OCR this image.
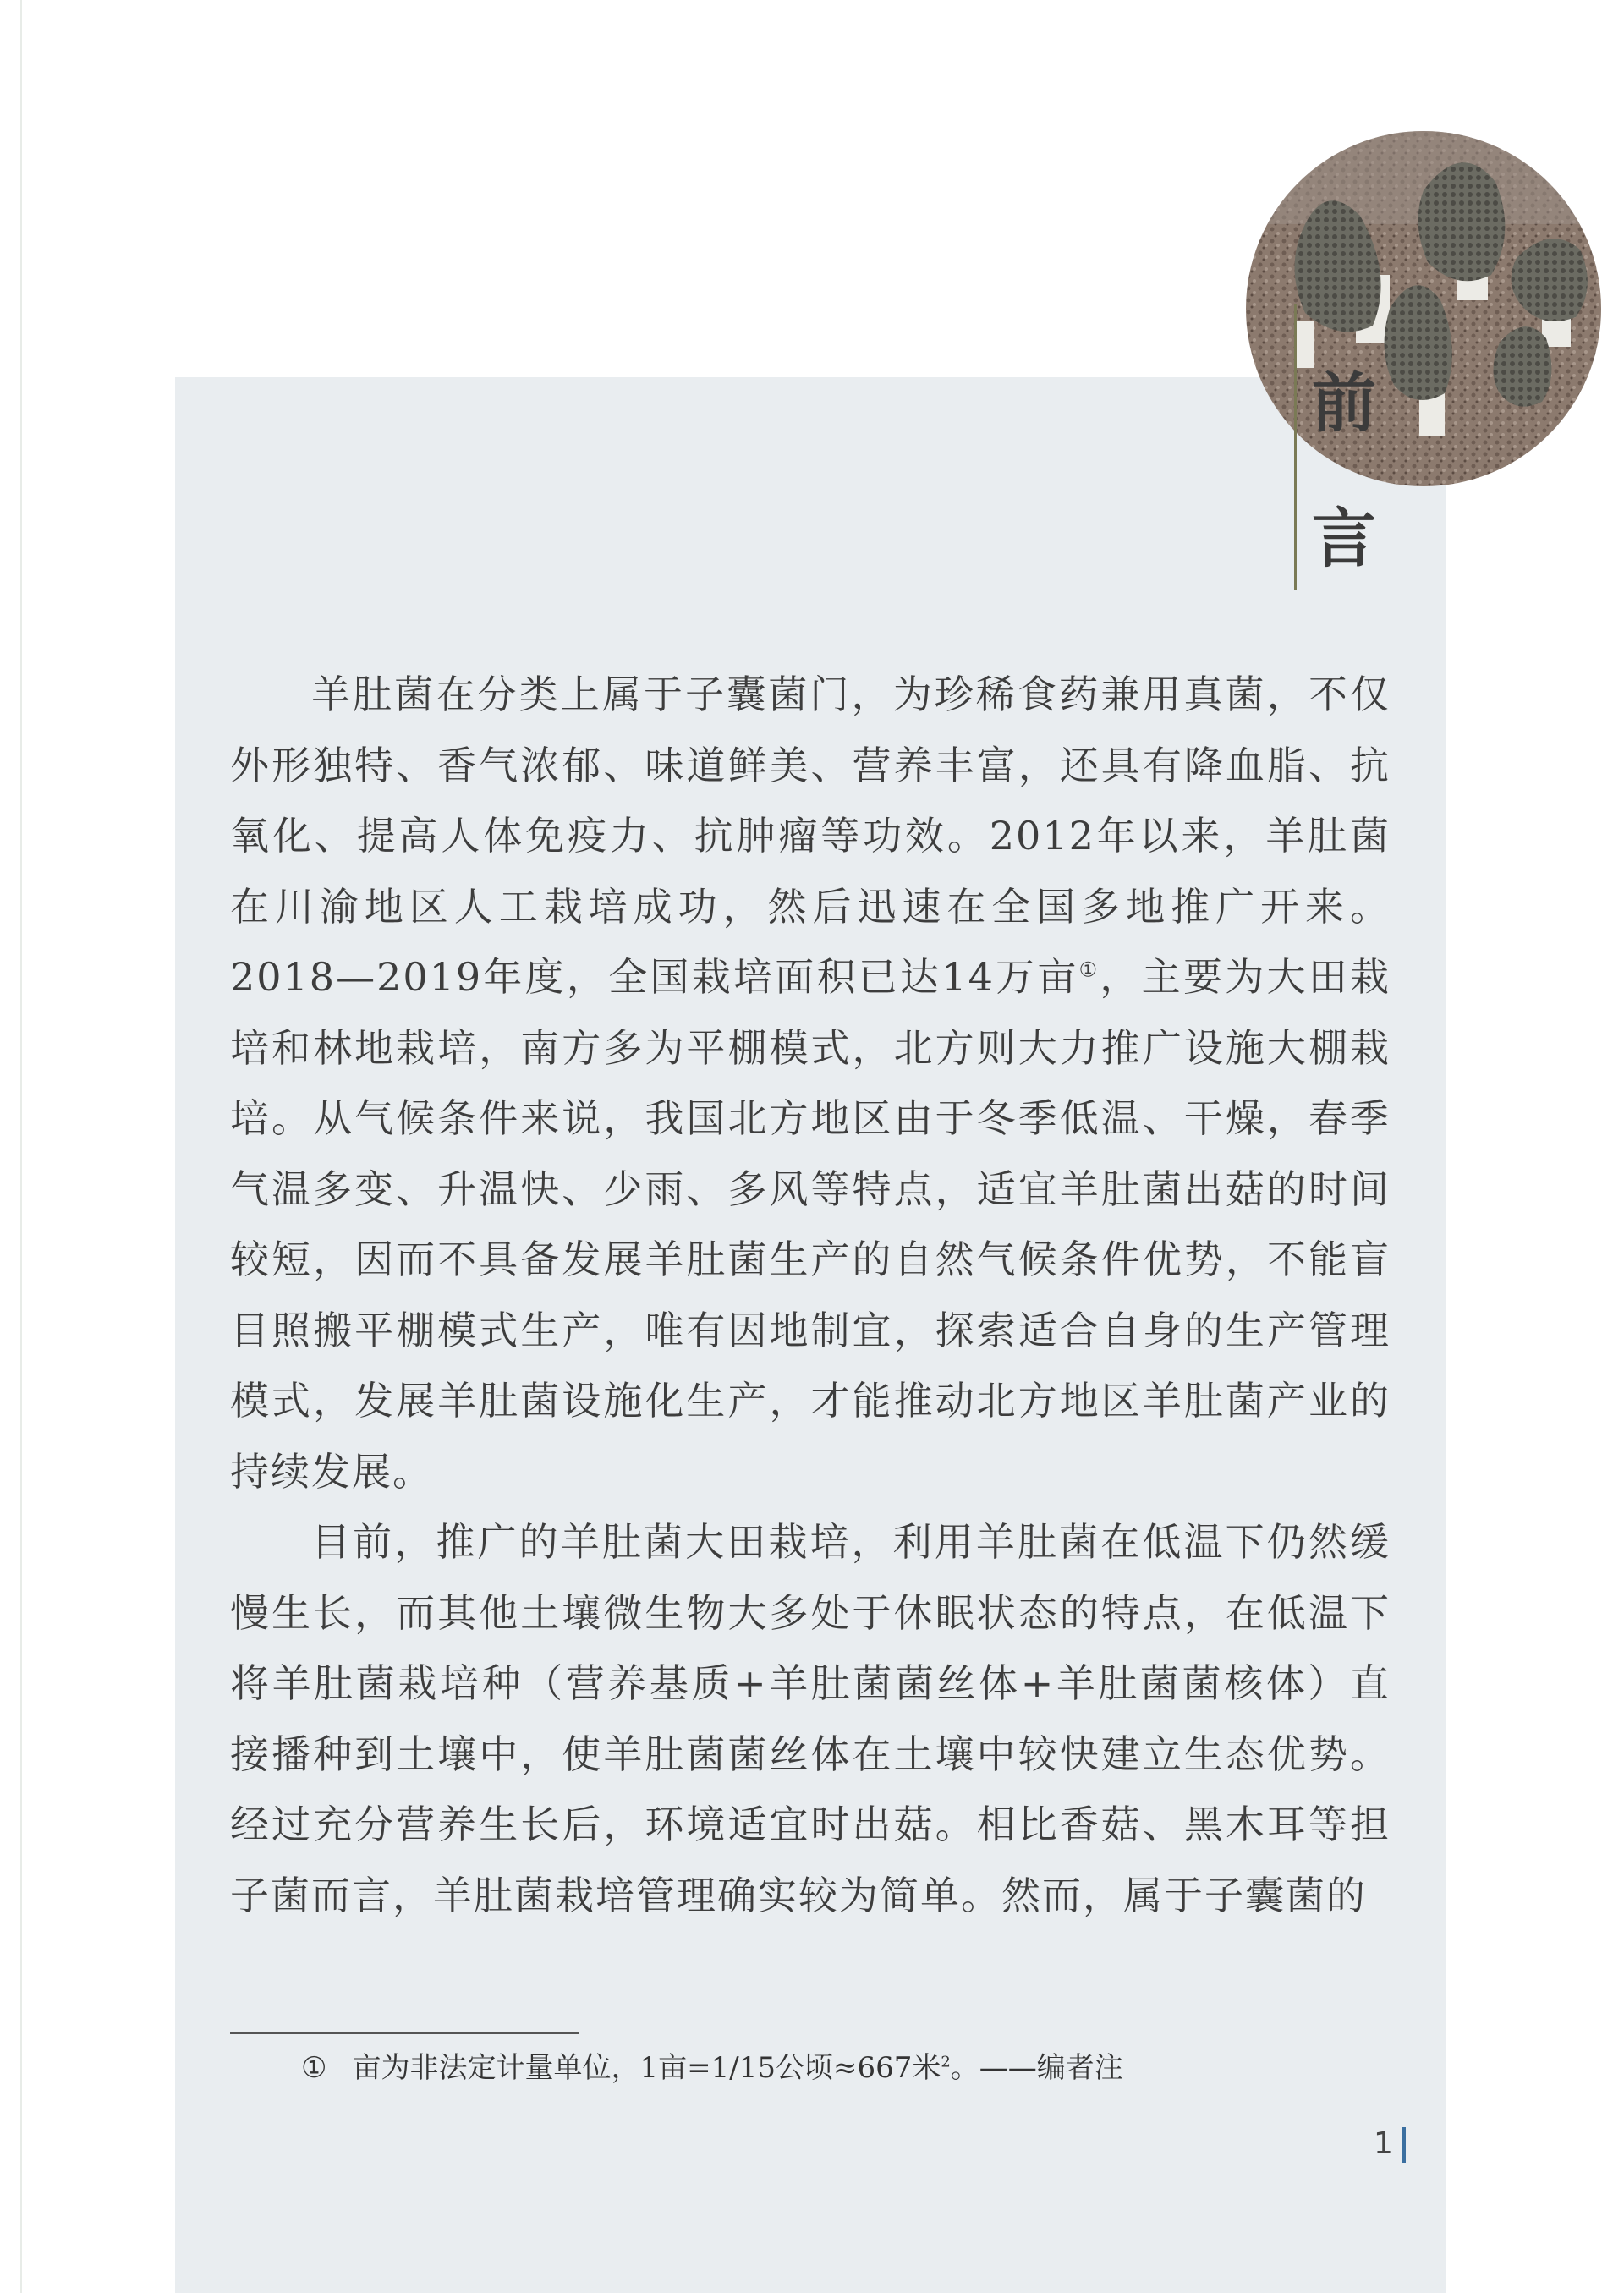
前
言

羊肚菌在分类上属于子囊菌门，为珍稀食药兼用真菌，不仅外形独特、香气浓郁、味道鲜美、营养丰富，还具有降血脂、抗氧化、提高人体免疫力、抗肿瘤等功效。2012年以来，羊肚菌在川渝地区人工栽培成功，然后迅速在全国多地推广开来。2018—2019年度，全国栽培面积已达14万亩①，主要为大田栽培和林地栽培，南方多为平棚模式，北方则大力推广设施大棚栽培。从气候条件来说，我国北方地区由于冬季低温、干燥，春季气温多变、升温快、少雨、多风等特点，适宜羊肚菌出菇的时间较短，因而不具备发展羊肚菌生产的自然气候条件优势，不能盲目照搬平棚模式生产，唯有因地制宜，探索适合自身的生产管理模式，发展羊肚菌设施化生产，才能推动北方地区羊肚菌产业的持续发展。

目前，推广的羊肚菌大田栽培，利用羊肚菌在低温下仍然缓慢生长，而其他土壤微生物大多处于休眠状态的特点，在低温下将羊肚菌栽培种（营养基质+羊肚菌菌丝体+羊肚菌菌核体）直接播种到土壤中，使羊肚菌菌丝体在土壤中较快建立生态优势。经过充分营养生长后，环境适宜时出菇。相比香菇、黑木耳等担子菌而言，羊肚菌栽培管理确实较为简单。然而，属于子囊菌的

① 亩为非法定计量单位，1亩=1/15公顷≈667米$^2$。——编者注
1
